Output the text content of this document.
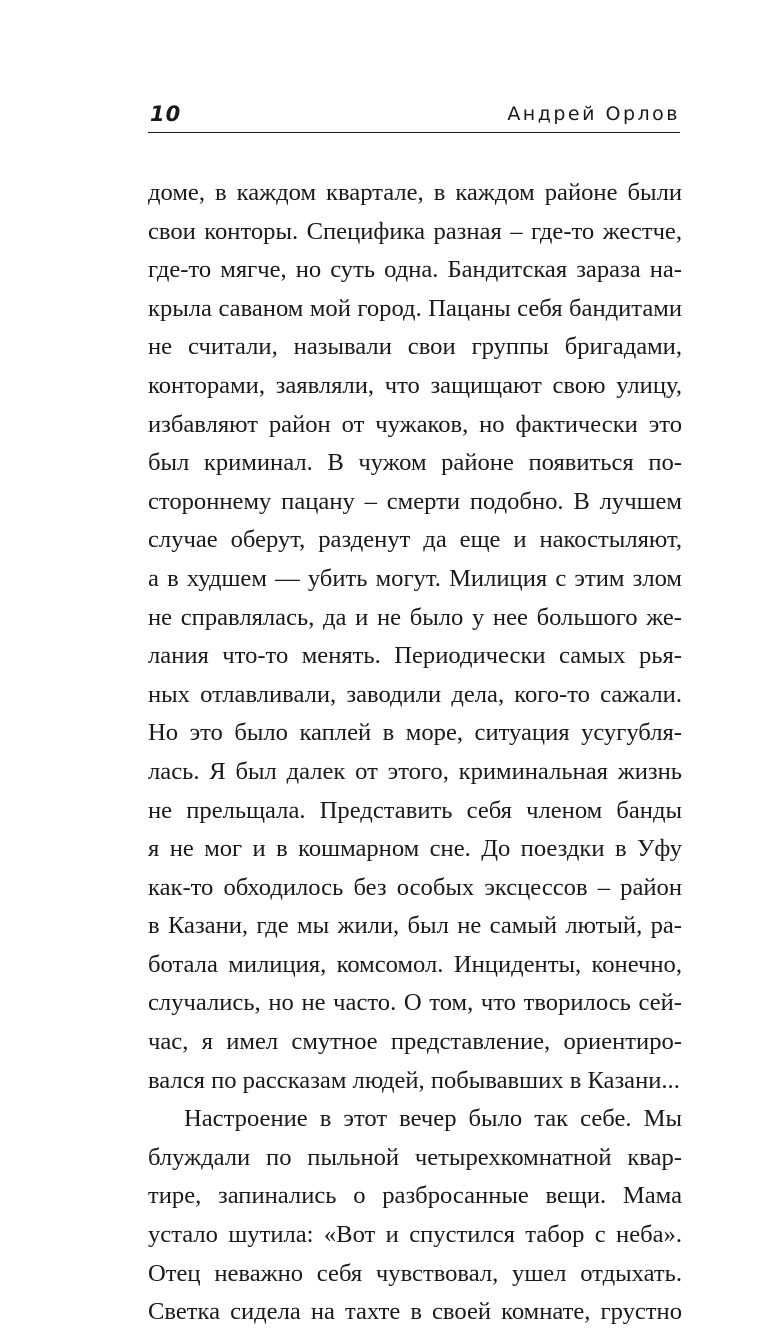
10	Андрей Орлов
доме, в каждом квартале, в каждом районе были
свои конторы. Специфика разная – где-то жестче,
где-то мягче, но суть одна. Бандитская зараза на-
крыла саваном мой город. Пацаны себя бандитами
не считали, называли свои группы бригадами,
конторами, заявляли, что защищают свою улицу,
избавляют район от чужаков, но фактически это
был криминал. В чужом районе появиться по-
стороннему пацану – смерти подобно. В лучшем
случае оберут, разденут да еще и накостыляют,
а в худшем — убить могут. Милиция с этим злом
не справлялась, да и не было у нее большого же-
лания что-то менять. Периодически самых рья-
ных отлавливали, заводили дела, кого-то сажали.
Но это было каплей в море, ситуация усугубля-
лась. Я был далек от этого, криминальная жизнь
не прельщала. Представить себя членом банды
я не мог и в кошмарном сне. До поездки в Уфу
как-то обходилось без особых эксцессов – район
в Казани, где мы жили, был не самый лютый, ра-
ботала милиция, комсомол. Инциденты, конечно,
случались, но не часто. О том, что творилось сей-
час, я имел смутное представление, ориентиро-
вался по рассказам людей, побывавших в Казани...
Настроение в этот вечер было так себе. Мы
блуждали по пыльной четырехкомнатной квар-
тире, запинались о разбросанные вещи. Мама
устало шутила: «Вот и спустился табор с неба».
Отец неважно себя чувствовал, ушел отдыхать.
Светка сидела на тахте в своей комнате, грустно
